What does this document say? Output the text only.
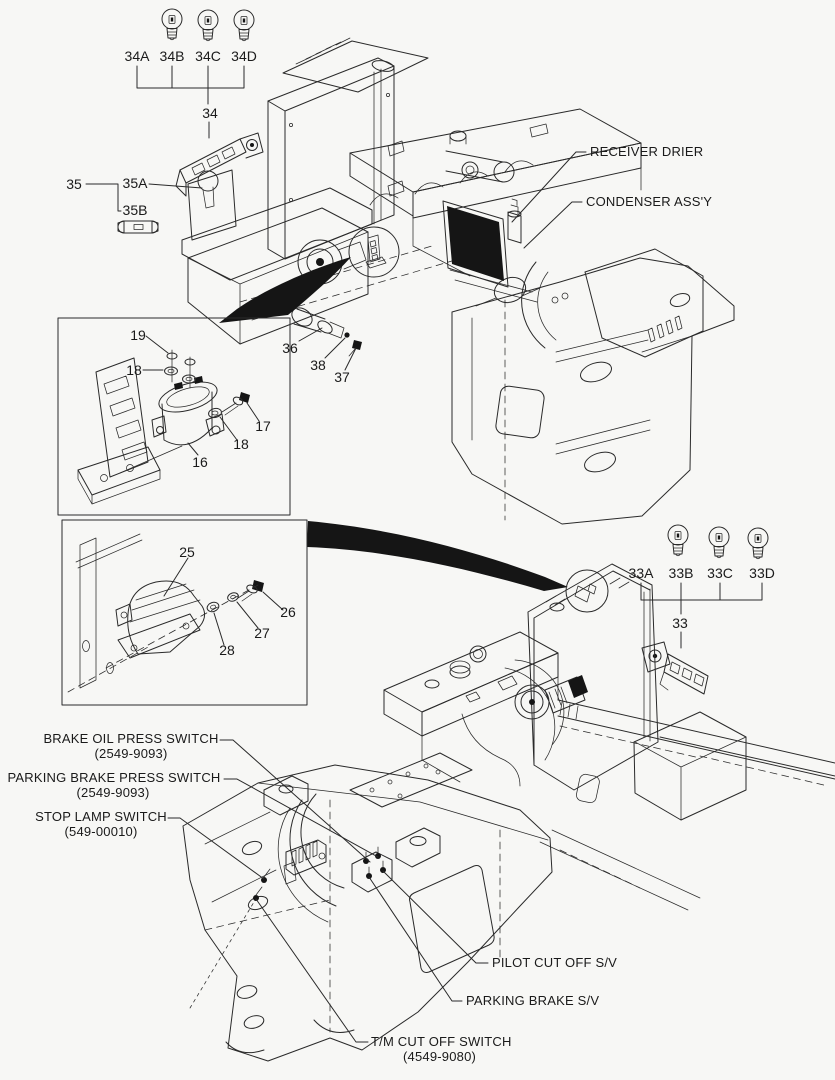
34A 34B 34C 34D
34
35	35A
35B
RECEIVER DRIER
CONDENSER ASS'Y
19
18
17
18
16
36
38
37
25
26
27
28
33A 33B 33C 33D
33
BRAKE OIL PRESS SWITCH
(2549-9093)
PARKING BRAKE PRESS SWITCH
(2549-9093)
STOP LAMP SWITCH
(549-00010)
PILOT CUT OFF S/V
PARKING BRAKE S/V
T/M CUT OFF SWITCH
(4549-9080)
